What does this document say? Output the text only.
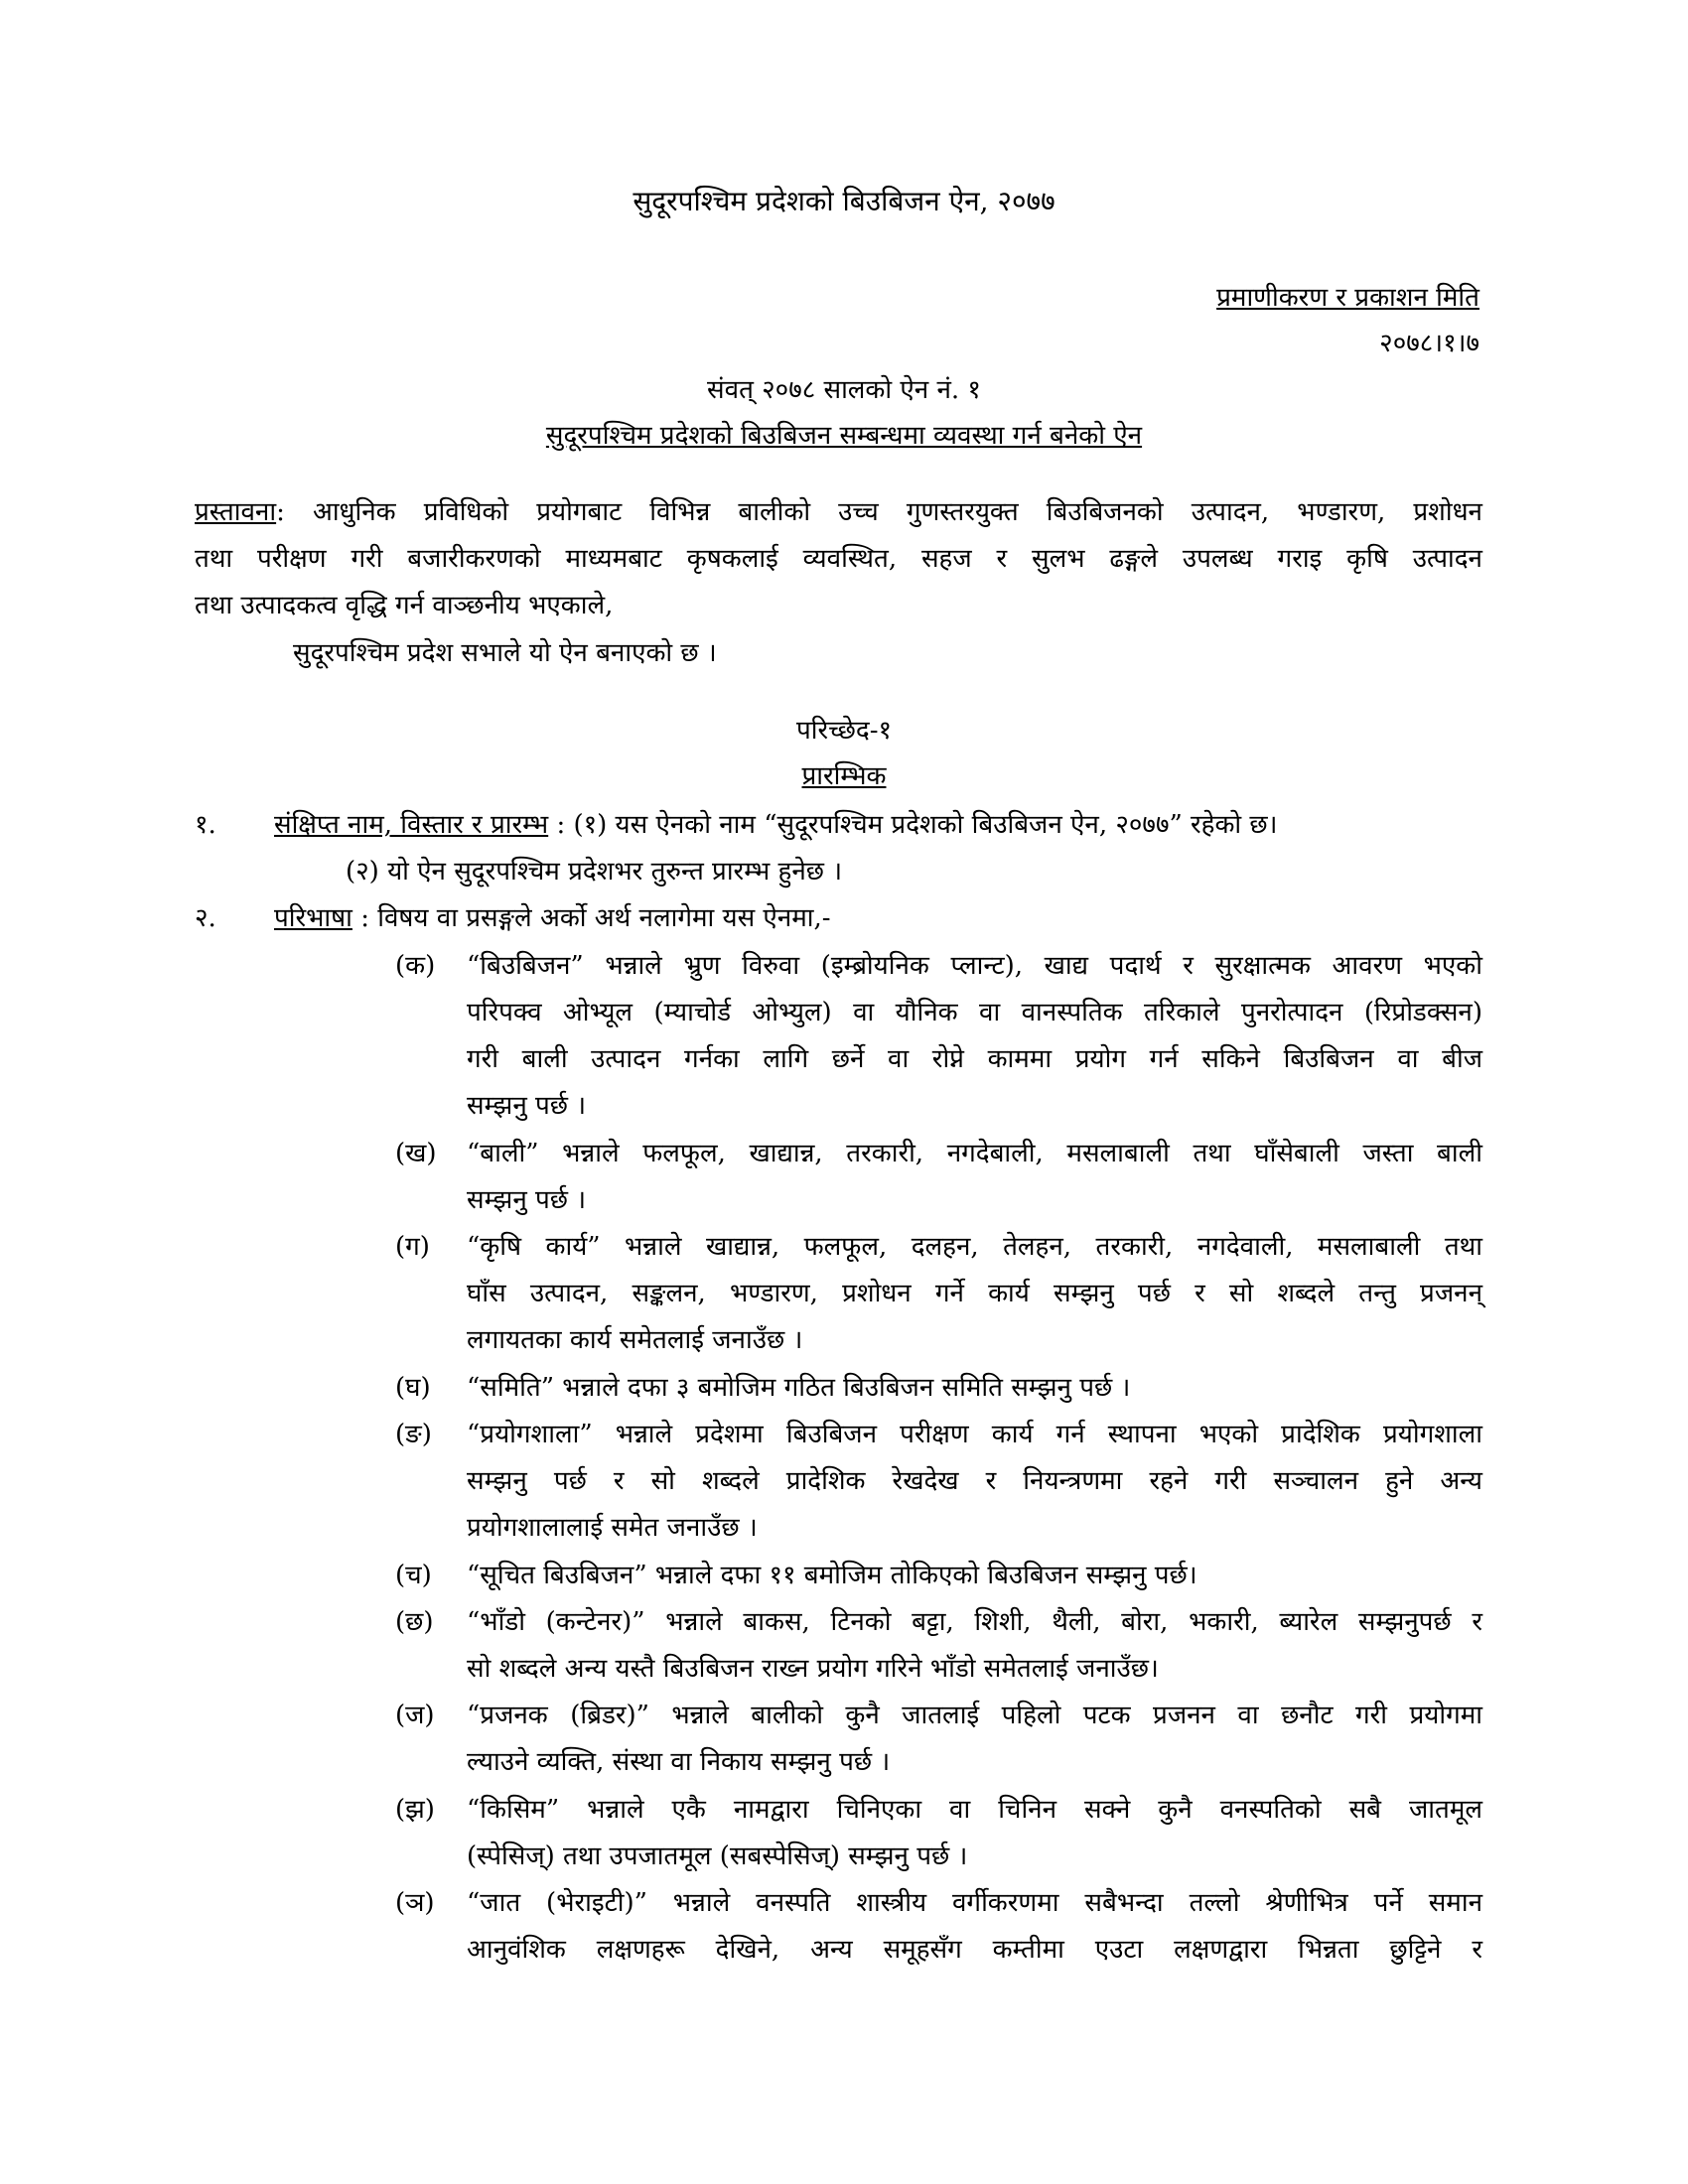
सुदूरपश्चिम प्रदेशको बिउबिजन ऐन, २०७७
प्रमाणीकरण र प्रकाशन मिति
२०७८।१।७
संवत् २०७८ सालको ऐन नं. १
सुदूरपश्चिम प्रदेशको बिउबिजन सम्बन्धमा व्यवस्था गर्न बनेको ऐन
प्रस्तावना: आधुनिक प्रविधिको प्रयोगबाट विभिन्न बालीको उच्च गुणस्तरयुक्त बिउबिजनको उत्पादन, भण्डारण, प्रशोधन
तथा परीक्षण गरी बजारीकरणको माध्यमबाट कृषकलाई व्यवस्थित, सहज र सुलभ ढङ्गले उपलब्ध गराइ कृषि उत्पादन
तथा उत्पादकत्व वृद्धि गर्न वाञ्छनीय भएकाले,
सुदूरपश्चिम प्रदेश सभाले यो ऐन बनाएको छ ।
परिच्छेद-१
प्रारम्भिक
१. संक्षिप्त नाम, विस्तार र प्रारम्भ : (१) यस ऐनको नाम “सुदूरपश्चिम प्रदेशको बिउबिजन ऐन, २०७७” रहेको छ।
(२) यो ऐन सुदूरपश्चिम प्रदेशभर तुरुन्त प्रारम्भ हुनेछ ।
२. परिभाषा : विषय वा प्रसङ्गले अर्को अर्थ नलागेमा यस ऐनमा,-
(क) “बिउबिजन” भन्नाले भ्रुण विरुवा (इम्ब्रोयनिक प्लान्ट), खाद्य पदार्थ र सुरक्षात्मक आवरण भएको
परिपक्व ओभ्यूल (म्याचोर्ड ओभ्युल) वा यौनिक वा वानस्पतिक तरिकाले पुनरोत्पादन (रिप्रोडक्सन)
गरी बाली उत्पादन गर्नका लागि छर्ने वा रोप्ने काममा प्रयोग गर्न सकिने बिउबिजन वा बीज
सम्झनु पर्छ ।
(ख) “बाली” भन्नाले फलफूल, खाद्यान्न, तरकारी, नगदेबाली, मसलाबाली तथा घाँसेबाली जस्ता बाली
सम्झनु पर्छ ।
(ग) “कृषि कार्य” भन्नाले खाद्यान्न, फलफूल, दलहन, तेलहन, तरकारी, नगदेवाली, मसलाबाली तथा
घाँस उत्पादन, सङ्कलन, भण्डारण, प्रशोधन गर्ने कार्य सम्झनु पर्छ र सो शब्दले तन्तु प्रजनन्
लगायतका कार्य समेतलाई जनाउँछ ।
(घ) “समिति” भन्नाले दफा ३ बमोजिम गठित बिउबिजन समिति सम्झनु पर्छ ।
(ङ) “प्रयोगशाला” भन्नाले प्रदेशमा बिउबिजन परीक्षण कार्य गर्न स्थापना भएको प्रादेशिक प्रयोगशाला
सम्झनु पर्छ र सो शब्दले प्रादेशिक रेखदेख र नियन्त्रणमा रहने गरी सञ्चालन हुने अन्य
प्रयोगशालालाई समेत जनाउँछ ।
(च) “सूचित बिउबिजन” भन्नाले दफा ११ बमोजिम तोकिएको बिउबिजन सम्झनु पर्छ।
(छ) “भाँडो (कन्टेनर)” भन्नाले बाकस, टिनको बट्टा, शिशी, थैली, बोरा, भकारी, ब्यारेल सम्झनुपर्छ र
सो शब्दले अन्य यस्तै बिउबिजन राख्न प्रयोग गरिने भाँडो समेतलाई जनाउँछ।
(ज) “प्रजनक (ब्रिडर)” भन्नाले बालीको कुनै जातलाई पहिलो पटक प्रजनन वा छनौट गरी प्रयोगमा
ल्याउने व्यक्ति, संस्था वा निकाय सम्झनु पर्छ ।
(झ) “किसिम” भन्नाले एकै नामद्वारा चिनिएका वा चिनिन सक्ने कुनै वनस्पतिको सबै जातमूल
(स्पेसिज्) तथा उपजातमूल (सबस्पेसिज्) सम्झनु पर्छ ।
(ञ) “जात (भेराइटी)” भन्नाले वनस्पति शास्त्रीय वर्गीकरणमा सबैभन्दा तल्लो श्रेणीभित्र पर्ने समान
आनुवंशिक लक्षणहरू देखिने, अन्य समूहसँग कम्तीमा एउटा लक्षणद्वारा भिन्नता छुट्टिने र
